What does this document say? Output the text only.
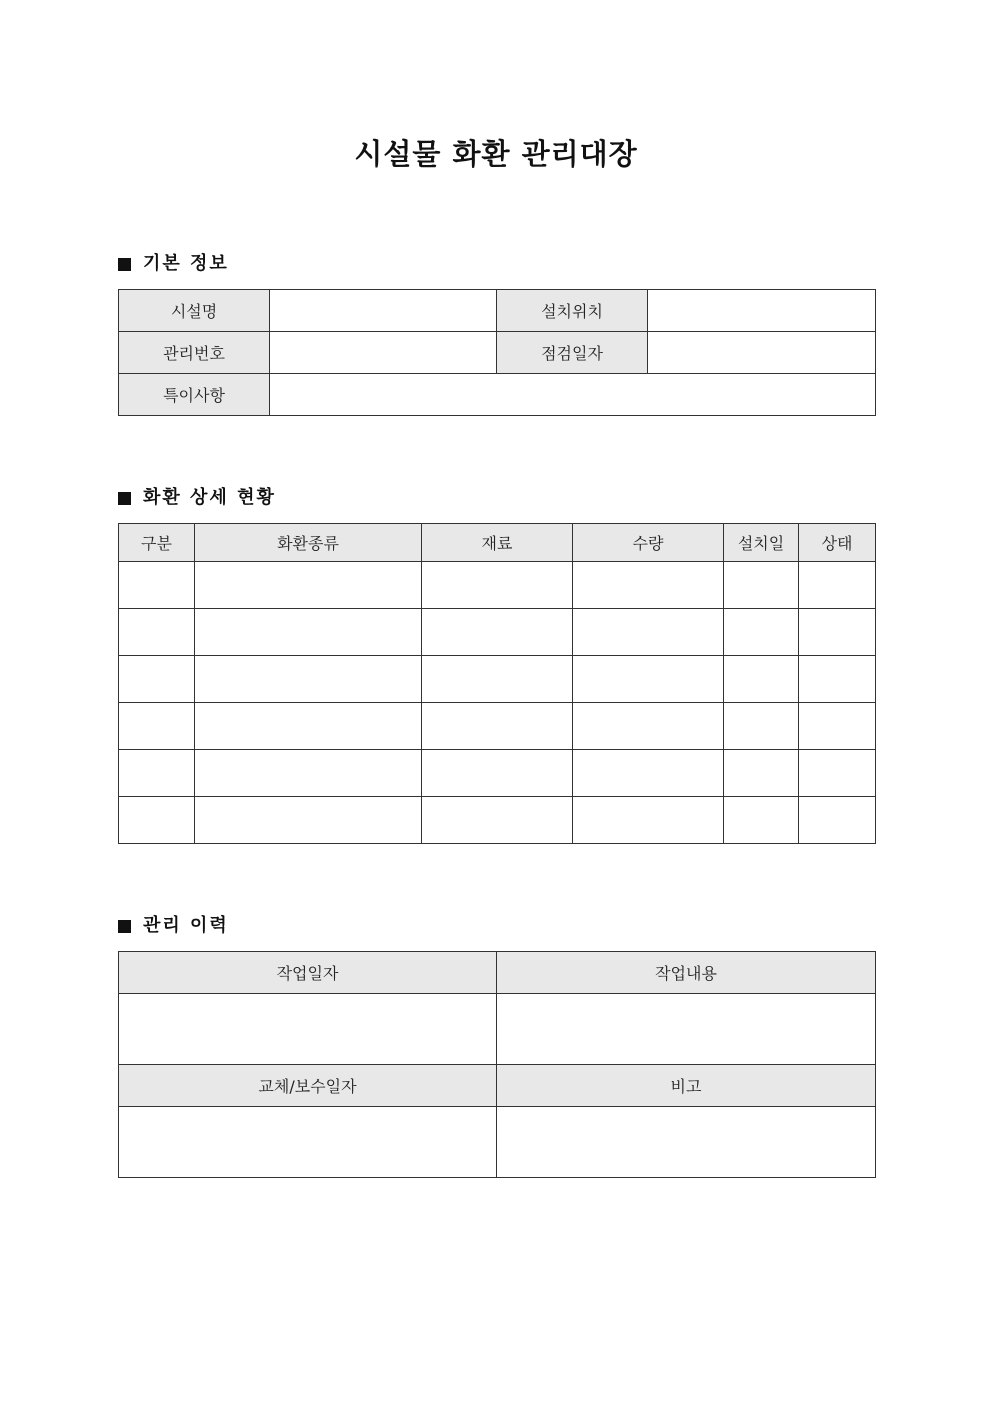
시설물 화환 관리대장
기본 정보
시설명		설치위치	
관리번호		점검일자	
특이사항			
화환 상세 현황
구분	화환종류	재료	수량	설치일	상태

관리 이력
작업일자	작업내용

교체/보수일자	비고
